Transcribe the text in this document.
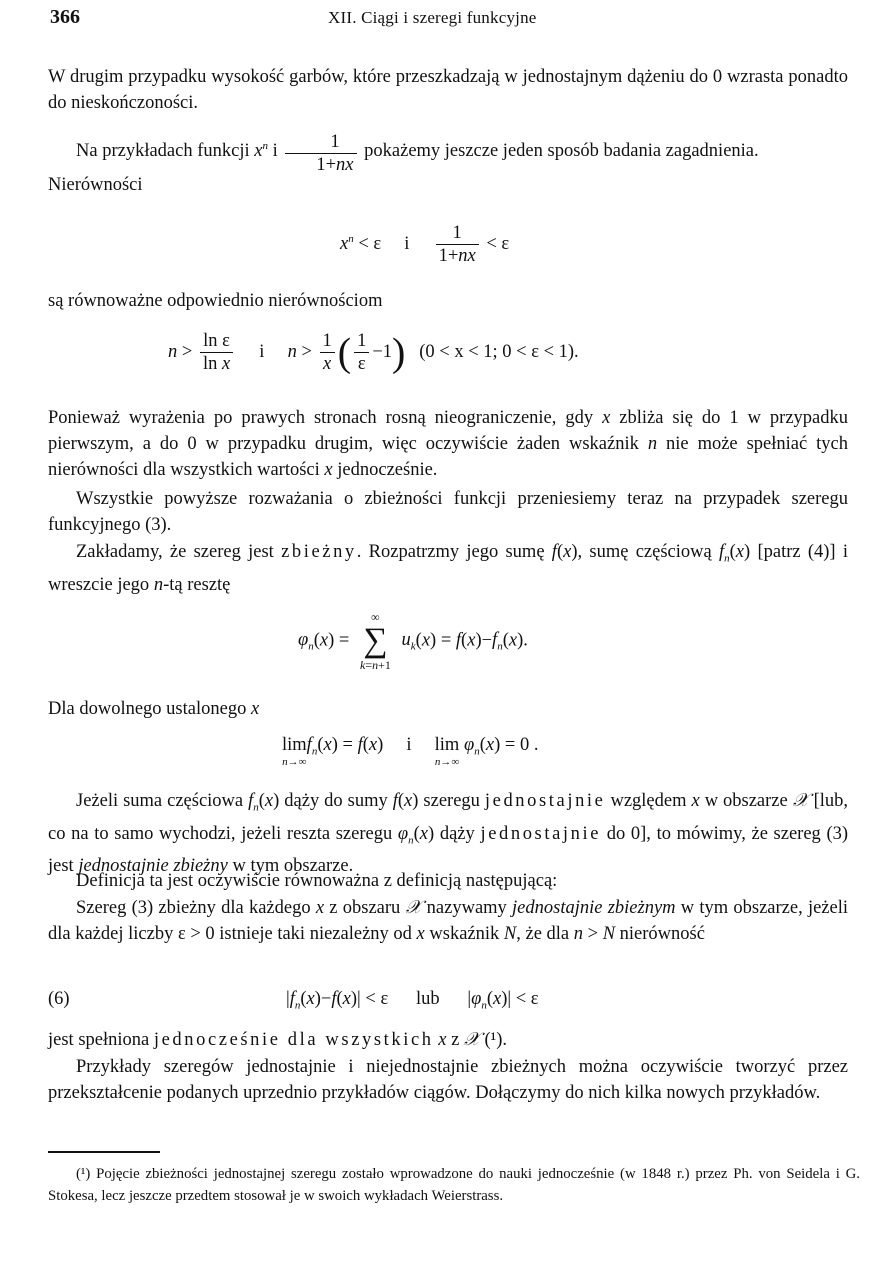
366	XII. Ciągi i szeregi funkcyjne
W drugim przypadku wysokość garbów, które przeszkadzają w jednostajnym dążeniu do 0 wzrasta ponadto do nieskończoności.
Na przykładach funkcji $x^n$ i $\frac{1}{1+nx}$ pokażemy jeszcze jeden sposób badania zagadnienia.
Nierówności
$x^n < \varepsilon$     i $\frac{1}{1+nx} < \varepsilon$
są równoważne odpowiednio nierównościom
$n > \frac{\text{ln ε}}{\text{ln x}}$ i $n > \frac{1}{x}$ ( $\frac{1}{\varepsilon} -1$) (0 < x < 1; 0 < ε < 1).
Ponieważ wyrażenia po prawych stronach rosną nieograniczenie, gdy x zbliża się do 1 w przypadku pierwszym, a do 0 w przypadku drugim, więc oczywiście żaden wskaźnik n nie może spełniać tych nierówności dla wszystkich wartości x jednocześnie.
Wszystkie powyższe rozważania o zbieżności funkcji przeniesiemy teraz na przypadek szeregu funkcyjnego (3).
Zakładamy, że szereg jest zbieżny. Rozpatrzmy jego sumę f(x), sumę częściową $f_n(x)$ [patrz (4)] i wreszcie jego n-tą resztę
$\varphi_n(x)$ =
∞
∑
k=n+1
$u_k(x) = f(x)-f_n(x)$.
Dla dowolnego ustalonego x
lim
n→∞
$f_n(x) = f(x)$     i lim
n→∞
$\varphi_n(x) = 0$ .
Jeżeli suma częściowa $f_n(x)$ dąży do sumy f(x) szeregu jednostajnie względem x w obszarze 𝒳 [lub, co na to samo wychodzi, jeżeli reszta szeregu $\varphi_n(x)$ dąży jednostajnie do 0], to mówimy, że szereg (3) jest jednostajnie zbieżny w tym obszarze.
Definicja ta jest oczywiście równoważna z definicją następującą:
Szereg (3) zbieżny dla każdego x z obszaru 𝒳 nazywamy jednostajnie zbieżnym w tym obszarze, jeżeli dla każdej liczby ε > 0 istnieje taki niezależny od x wskaźnik N, że dla n > N nierówność
(6)	$|f_n(x)-f(x)| < \varepsilon$      lub      $|\varphi_n(x)| < \varepsilon$
jest spełniona jednocześnie dla wszystkich x z 𝒳 (¹).
Przykłady szeregów jednostajnie i niejednostajnie zbieżnych można oczywiście tworzyć przez przekształcenie podanych uprzednio przykładów ciągów. Dołączymy do nich kilka nowych przykładów.
(¹) Pojęcie zbieżności jednostajnej szeregu zostało wprowadzone do nauki jednocześnie (w 1848 r.) przez Ph. von Seidela i G. Stokesa, lecz jeszcze przedtem stosował je w swoich wykładach Weierstrass.
